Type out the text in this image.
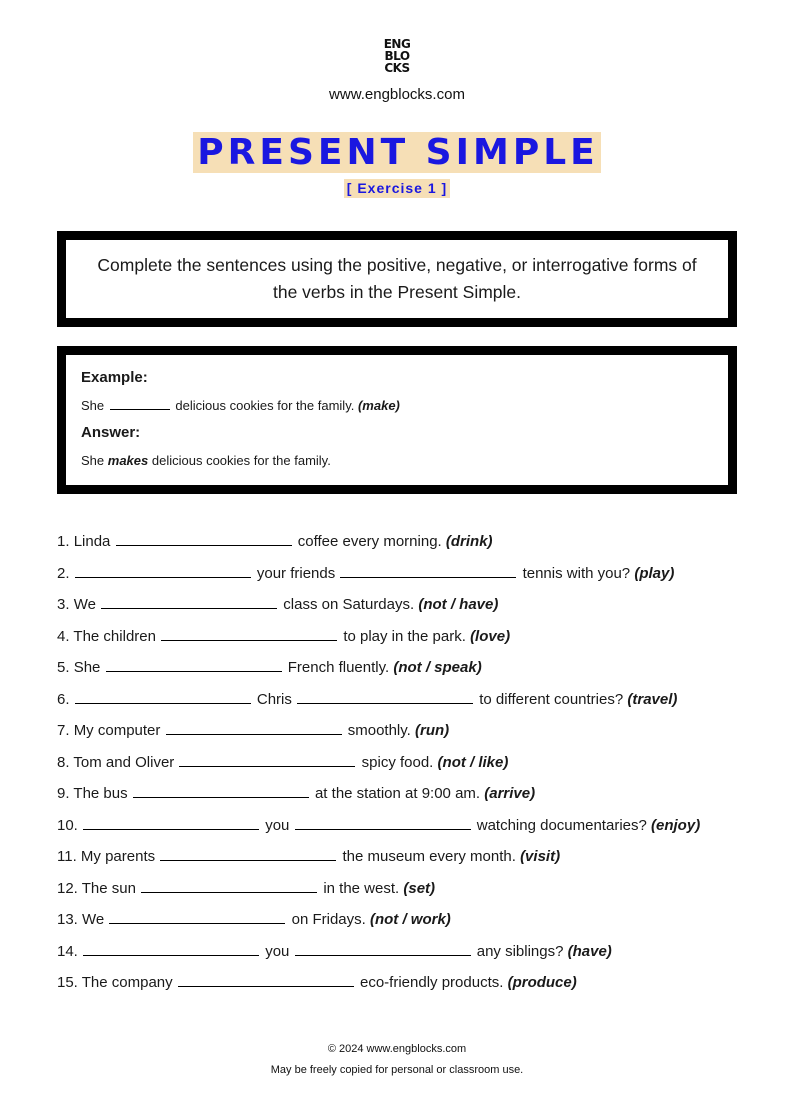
ENG
BLO
CKS
www.engblocks.com
PRESENT SIMPLE
[ Exercise 1 ]
Complete the sentences using the positive, negative, or interrogative forms of the verbs in the Present Simple.
Example:
She	delicious cookies for the family. (make)
Answer:
She makes delicious cookies for the family.
1. Linda	coffee every morning. (drink)
2.	your friends	tennis with you? (play)
3. We	class on Saturdays. (not / have)
4. The children	to play in the park. (love)
5. She	French fluently. (not / speak)
6.	Chris	to different countries? (travel)
7. My computer	smoothly. (run)
8. Tom and Oliver	spicy food. (not / like)
9. The bus	at the station at 9:00 am. (arrive)
10.	you	watching documentaries? (enjoy)
11. My parents	the museum every month. (visit)
12. The sun	in the west. (set)
13. We	on Fridays. (not / work)
14.	you	any siblings? (have)
15. The company	eco-friendly products. (produce)
© 2024 www.engblocks.com
May be freely copied for personal or classroom use.
